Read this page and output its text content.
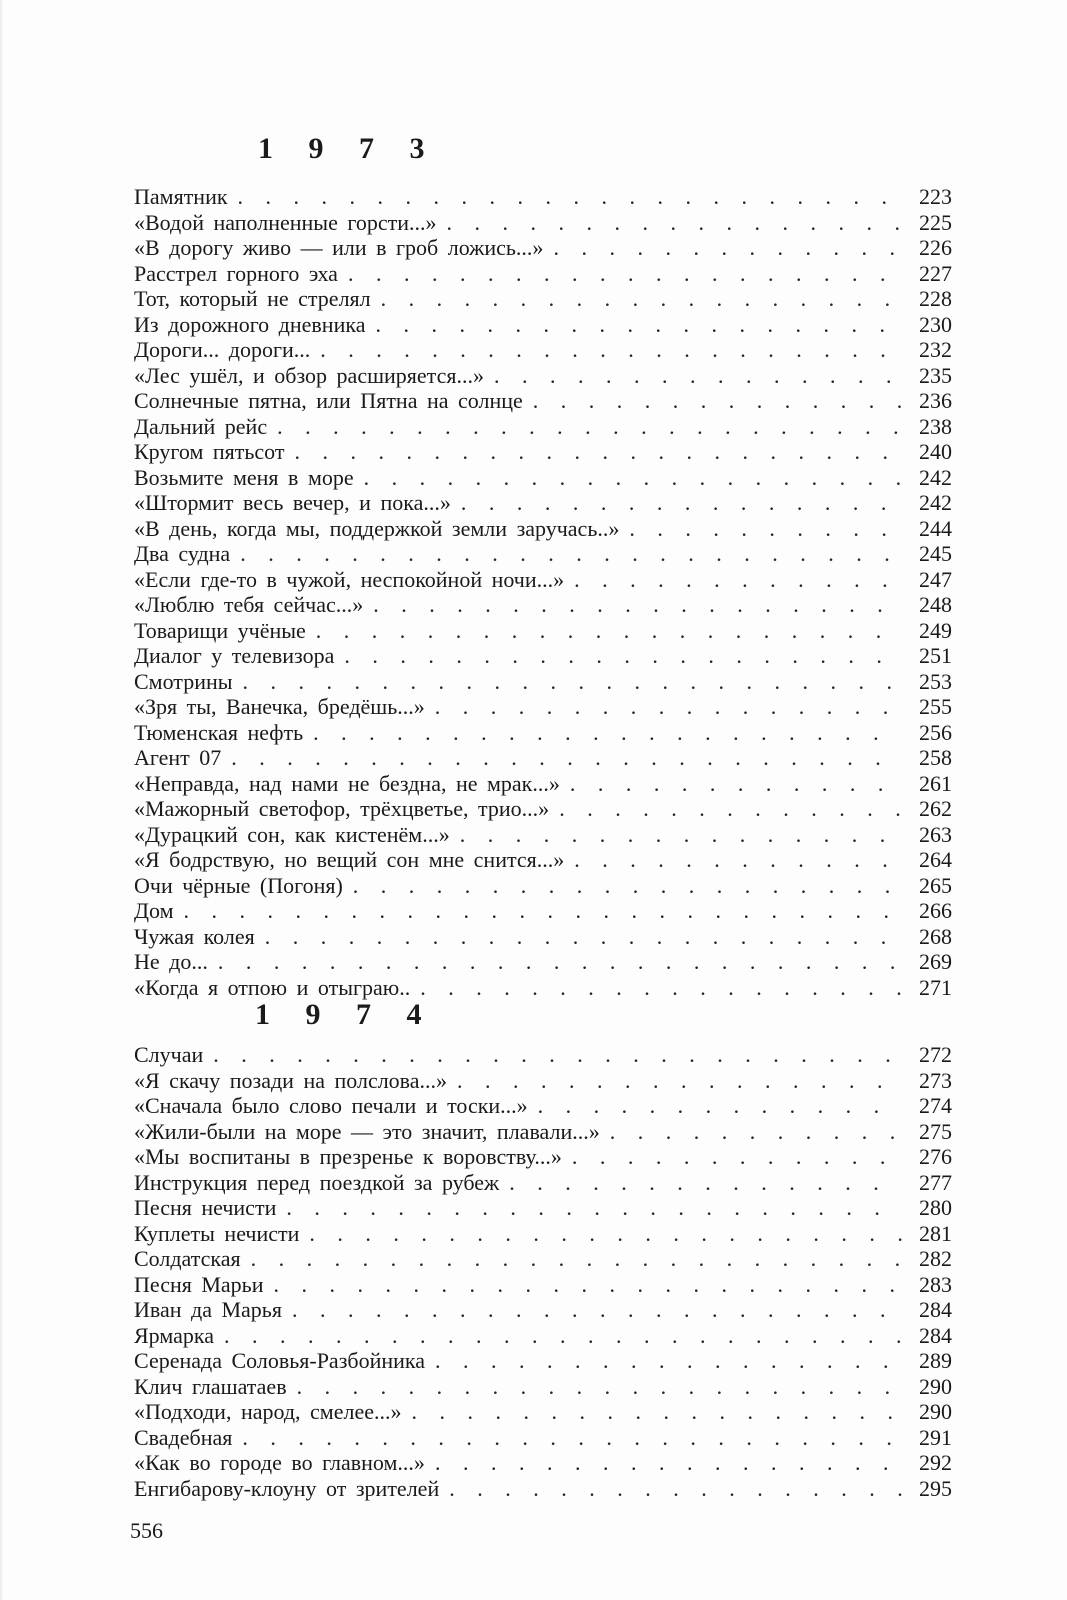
1 9 7 3
Памятник . . .	223
«Водой наполненные горсти...» . . .	225
«В дорогу живо — или в гроб ложись...» . . .	226
Расстрел горного эха . . .	227
Тот, который не стрелял . . .	228
Из дорожного дневника . . .	230
Дороги... дороги... . . .	232
«Лес ушёл, и обзор расширяется...» . . .	235
Солнечные пятна, или Пятна на солнце . . .	236
Дальний рейс . . .	238
Кругом пятьсот . . .	240
Возьмите меня в море . . .	242
«Штормит весь вечер, и пока...» . . .	242
«В день, когда мы, поддержкой земли заручась..» . . .	244
Два судна . . .	245
«Если где-то в чужой, неспокойной ночи...» . . .	247
«Люблю тебя сейчас...» . . .	248
Товарищи учёные . . .	249
Диалог у телевизора . . .	251
Смотрины . . .	253
«Зря ты, Ванечка, бредёшь...» . . .	255
Тюменская нефть . . .	256
Агент 07 . . .	258
«Неправда, над нами не бездна, не мрак...» . . .	261
«Мажорный светофор, трёхцветье, трио...» . . .	262
«Дурацкий сон, как кистенём...» . . .	263
«Я бодрствую, но вещий сон мне снится...» . . .	264
Очи чёрные (Погоня) . . .	265
Дом . . .	266
Чужая колея . . .	268
Не до... . . .	269
«Когда я отпою и отыграю.. . . .	271
1 9 7 4
Случаи . . .	272
«Я скачу позади на полслова...» . . .	273
«Сначала было слово печали и тоски...» . . .	274
«Жили-были на море — это значит, плавали...» . . .	275
«Мы воспитаны в презренье к воровству...» . . .	276
Инструкция перед поездкой за рубеж . . .	277
Песня нечисти . . .	280
Куплеты нечисти . . .	281
Солдатская . . .	282
Песня Марьи . . .	283
Иван да Марья . . .	284
Ярмарка . . .	284
Серенада Соловья-Разбойника . . .	289
Клич глашатаев . . .	290
«Подходи, народ, смелее...» . . .	290
Свадебная . . .	291
«Как во городе во главном...» . . .	292
Енгибарову-клоуну от зрителей . . .	295
556
